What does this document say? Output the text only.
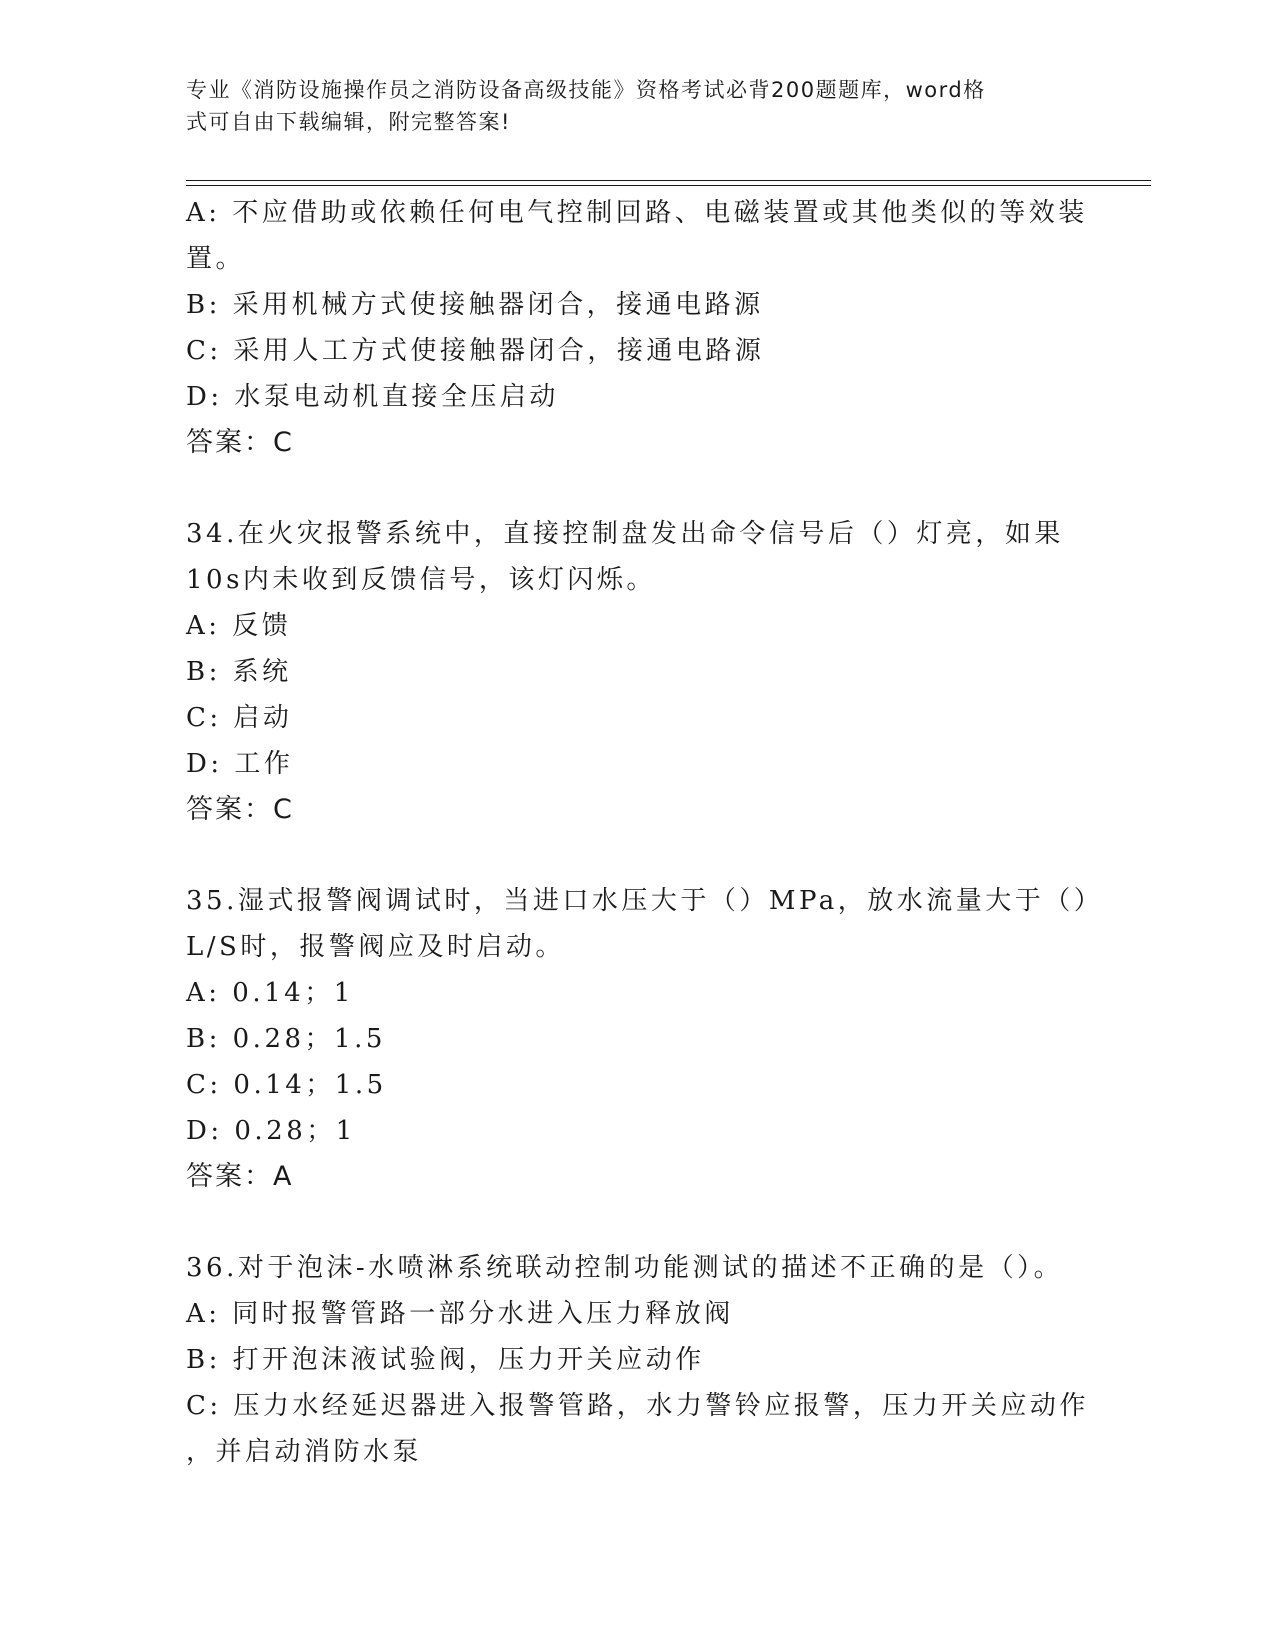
专业《消防设施操作员之消防设备高级技能》资格考试必背200题题库，word格
式可自由下载编辑，附完整答案!
A: 不应借助或依赖任何电气控制回路、电磁装置或其他类似的等效装
置。
B: 采用机械方式使接触器闭合，接通电路源
C: 采用人工方式使接触器闭合，接通电路源
D: 水泵电动机直接全压启动
答案：C
34.在火灾报警系统中，直接控制盘发出命令信号后（）灯亮，如果
10s内未收到反馈信号，该灯闪烁。
A: 反馈
B: 系统
C: 启动
D: 工作
答案：C
35.湿式报警阀调试时，当进口水压大于（）MPa，放水流量大于（）
L/S时，报警阀应及时启动。
A: 0.14；1
B: 0.28；1.5
C: 0.14；1.5
D: 0.28；1
答案：A
36.对于泡沫-水喷淋系统联动控制功能测试的描述不正确的是（）。
A: 同时报警管路一部分水进入压力释放阀
B: 打开泡沫液试验阀，压力开关应动作
C: 压力水经延迟器进入报警管路，水力警铃应报警，压力开关应动作
，并启动消防水泵
